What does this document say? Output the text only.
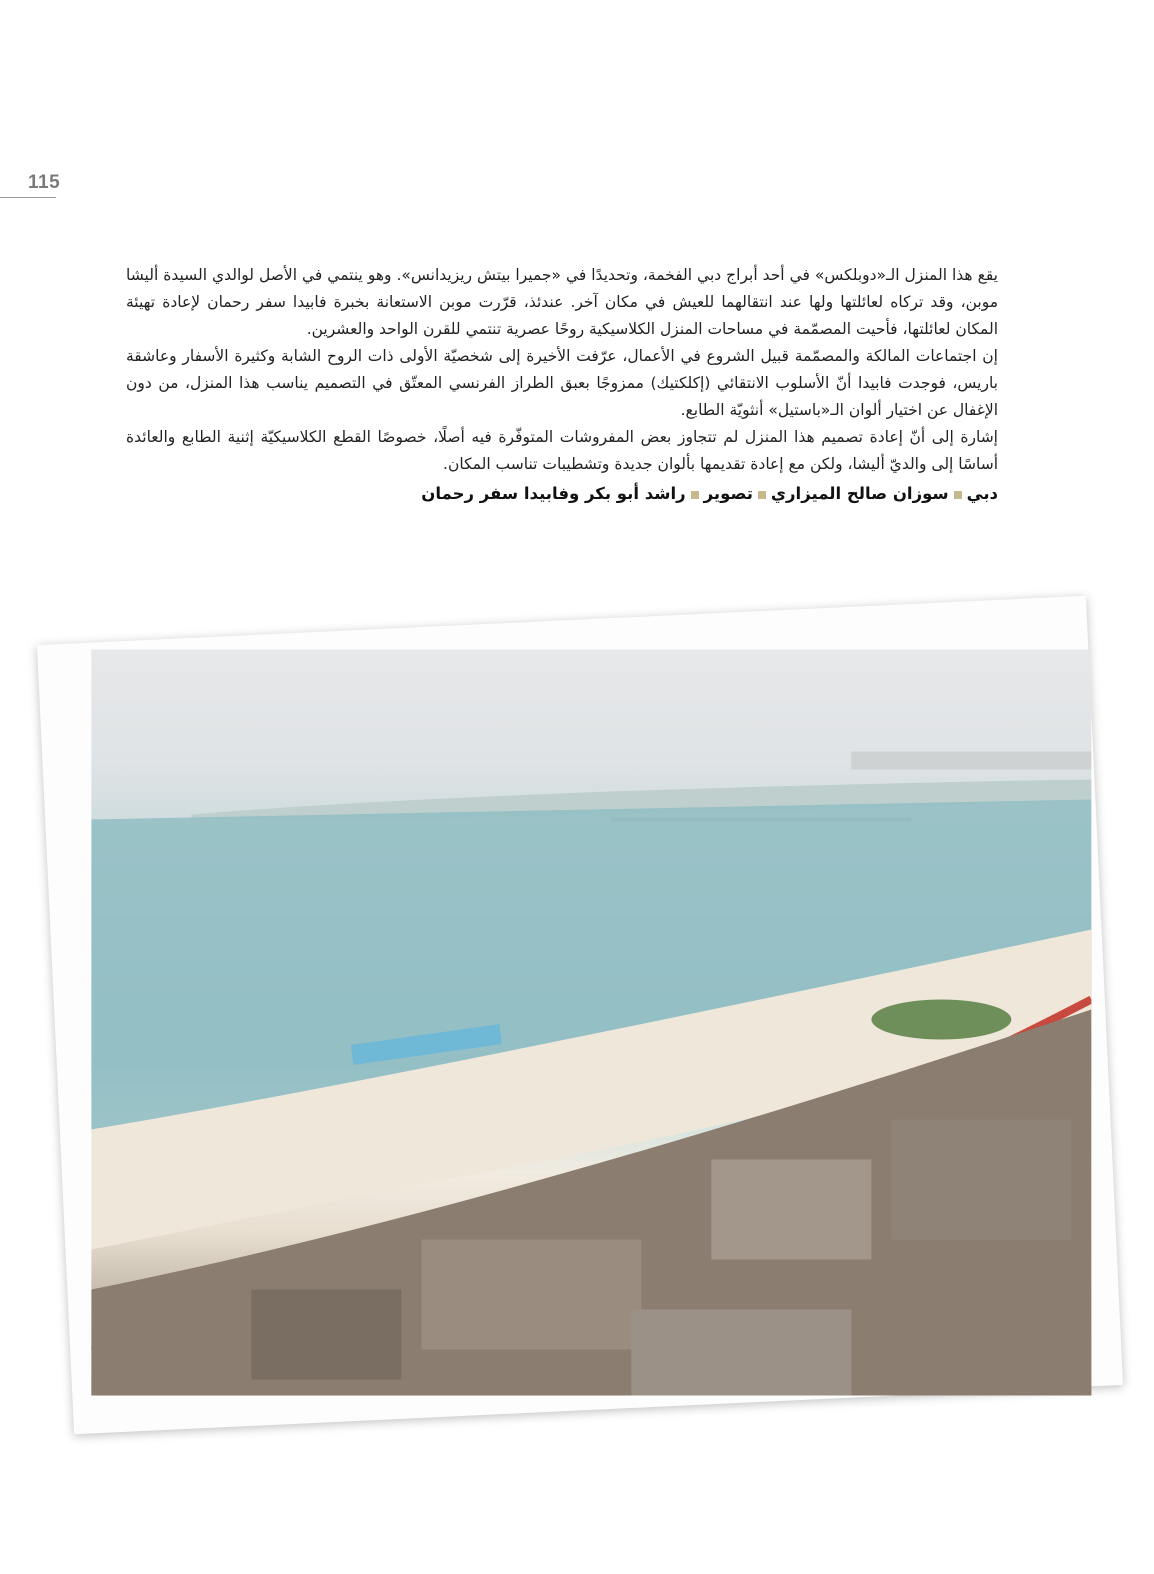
115

يقع هذا المنزل الـ«دوبلكس» في أحد أبراج دبي الفخمة، وتحديدًا في «جميرا بيتش ريزيدانس». وهو ينتمي في الأصل لوالدي السيدة أليشا موبن، وقد تركاه لعائلتها ولها عند انتقالهما للعيش في مكان آخر. عندئذ، قرّرت موبن الاستعانة بخبرة فابيدا سفر رحمان لإعادة تهيئة المكان لعائلتها، فأحيت المصمّمة في مساحات المنزل الكلاسيكية روحًا عصرية تنتمي للقرن الواحد والعشرين.

إن اجتماعات المالكة والمصمّمة قبيل الشروع في الأعمال، عرّفت الأخيرة إلى شخصيّة الأولى ذات الروح الشابة وكثيرة الأسفار وعاشقة باريس، فوجدت فابيدا أنّ الأسلوب الانتقائي (إكلكتيك) ممزوجًا بعبق الطراز الفرنسي المعتّق في التصميم يناسب هذا المنزل، من دون الإغفال عن اختيار ألوان الـ«باستيل» أنثويّة الطابع.

إشارة إلى أنّ إعادة تصميم هذا المنزل لم تتجاوز بعض المفروشات المتوفّرة فيه أصلًا، خصوصًا القطع الكلاسيكيّة إثنية الطابع والعائدة أساسًا إلى والديّ أليشا، ولكن مع إعادة تقديمها بألوان جديدة وتشطيبات تناسب المكان.

دبيسوزان صالح الميزاريتصويرراشد أبو بكر وفابيدا سفر رحمان
